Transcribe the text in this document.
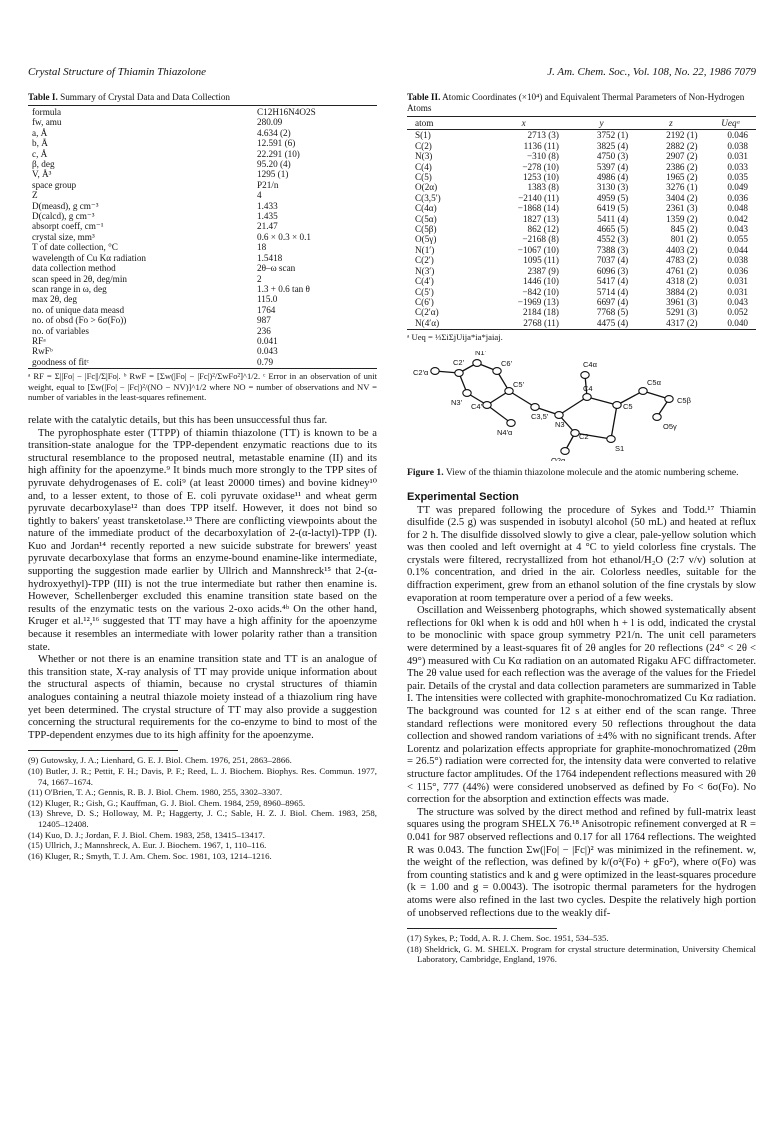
Crystal Structure of Thiamin Thiazolone	J. Am. Chem. Soc., Vol. 108, No. 22, 1986 7079
Table I. Summary of Crystal Data and Data Collection
formula	C12H16N4O2S
fw, amu	280.09
a, Å	4.634 (2)
b, Å	12.591 (6)
c, Å	22.291 (10)
β, deg	95.20 (4)
V, Å³	1295 (1)
space group	P21/n
Z	4
D(measd), g cm⁻³	1.433
D(calcd), g cm⁻³	1.435
absorpt coeff, cm⁻¹	21.47
crystal size, mm³	0.6 × 0.3 × 0.1
T of date collection, °C	18
wavelength of Cu Kα radiation	1.5418
data collection method	2θ–ω scan
scan speed in 2θ, deg/min	2
scan range in ω, deg	1.3 + 0.6 tan θ
max 2θ, deg	115.0
no. of unique data measd	1764
no. of obsd (Fo > 6σ(Fo))	987
no. of variables	236
RFᵃ	0.041
RwFᵇ	0.043
goodness of fitᶜ	0.79
ᵃ RF = Σ||Fo| − |Fc||/Σ|Fo|. ᵇ RwF = [Σw(|Fo| − |Fc|)²/ΣwFo²]^1/2. ᶜ Error in an observation of unit weight, equal to [Σw(|Fo| − |Fc|)²/(NO − NV)]^1/2 where NO = number of observations and NV = number of variables in the least-squares refinement.

relate with the catalytic details, but this has been unsuccessful thus far.

The pyrophosphate ester (TTPP) of thiamin thiazolone (TT) is known to be a transition-state analogue for the TPP-dependent enzymatic reactions due to its structural resemblance to the proposed neutral, metastable enamine (II) and its high affinity for the apoenzyme.⁹ It binds much more strongly to the TPP sites of pyruvate dehydrogenases of E. coli⁹ (at least 20000 times) and bovine kidney¹⁰ and, to a lesser extent, to those of E. coli pyruvate oxidase¹¹ and wheat germ pyruvate decarboxylase¹² than does TPP itself. However, it does not bind so tightly to bakers' yeast transketolase.¹³ There are conflicting viewpoints about the nature of the immediate product of the decarboxylation of 2-(α-lactyl)-TPP (I). Kuo and Jordan¹⁴ recently reported a new suicide substrate for brewers' yeast pyruvate decarboxylase that forms an enzyme-bound enamine-like intermediate, supporting the suggestion made earlier by Ullrich and Mannshreck¹⁵ that 2-(α-hydroxyethyl)-TPP (III) is not the true intermediate but rather then enamine is. However, Schellenberger excluded this enamine transition state based on the results of the enzymatic tests on the various 2-oxo acids.⁴ᵇ On the other hand, Kruger et al.¹²,¹⁶ suggested that TT may have a high affinity for the apoenzyme because it resembles an intermediate with lower polarity rather than a transition state.

Whether or not there is an enamine transition state and TT is an analogue of this transition state, X-ray analysis of TT may provide unique information about the structural aspects of thiamin, because no crystal structures of thiamin analogues containing a neutral thiazole moiety instead of a thiazolium ring have yet been determined. The crystal structure of TT may also provide a suggestion concerning the structural requirements for the co-enzyme to bind to most of the TPP-dependent enzymes due to its high affinity for the apoenzyme.

(9) Gutowsky, J. A.; Lienhard, G. E. J. Biol. Chem. 1976, 251, 2863–2866.
(10) Butler, J. R.; Pettit, F. H.; Davis, P. F.; Reed, L. J. Biochem. Biophys. Res. Commun. 1977, 74, 1667–1674.
(11) O'Brien, T. A.; Gennis, R. B. J. Biol. Chem. 1980, 255, 3302–3307.
(12) Kluger, R.; Gish, G.; Kauffman, G. J. Biol. Chem. 1984, 259, 8960–8965.
(13) Shreve, D. S.; Holloway, M. P.; Haggerty, J. C.; Sable, H. Z. J. Biol. Chem. 1983, 258, 12405–12408.
(14) Kuo, D. J.; Jordan, F. J. Biol. Chem. 1983, 258, 13415–13417.
(15) Ullrich, J.; Mannshreck, A. Eur. J. Biochem. 1967, 1, 110–116.
(16) Kluger, R.; Smyth, T. J. Am. Chem. Soc. 1981, 103, 1214–1216.
Table II. Atomic Coordinates (×10⁴) and Equivalent Thermal Parameters of Non-Hydrogen Atoms
atom	x	y	z	Ueqᵃ
S(1)	2713 (3)	3752 (1)	2192 (1)	0.046
C(2)	1136 (11)	3825 (4)	2882 (2)	0.038
N(3)	−310 (8)	4750 (3)	2907 (2)	0.031
C(4)	−278 (10)	5397 (4)	2386 (2)	0.033
C(5)	1253 (10)	4986 (4)	1965 (2)	0.035
O(2α)	1383 (8)	3130 (3)	3276 (1)	0.049
C(3,5′)	−2140 (11)	4959 (5)	3404 (2)	0.036
C(4α)	−1868 (14)	6419 (5)	2361 (3)	0.048
C(5α)	1827 (13)	5411 (4)	1359 (2)	0.042
C(5β)	862 (12)	4665 (5)	845 (2)	0.043
O(5γ)	−2168 (8)	4552 (3)	801 (2)	0.055
N(1′)	−1067 (10)	7388 (3)	4403 (2)	0.044
C(2′)	1095 (11)	7037 (4)	4783 (2)	0.038
N(3′)	2387 (9)	6096 (3)	4761 (2)	0.036
C(4′)	1446 (10)	5417 (4)	4318 (2)	0.031
C(5′)	−842 (10)	5714 (4)	3884 (2)	0.031
C(6′)	−1969 (13)	6697 (4)	3961 (3)	0.043
C(2′α)	2184 (18)	7768 (5)	5291 (3)	0.052
N(4′α)	2768 (11)	4475 (4)	4317 (2)	0.040
ᵃ Ueq = ⅓ΣiΣjUija*ia*jaiaj.
C2'α
N1'
C2'	C6'
N3'
C5'
C3,5'
C4'
N4'α
N3
C2
O2α
C4
C4α
C5
C5α
C5β
O5γ
S1
Figure 1. View of the thiamin thiazolone molecule and the atomic numbering scheme.
Experimental Section

TT was prepared following the procedure of Sykes and Todd.¹⁷ Thiamin disulfide (2.5 g) was suspended in isobutyl alcohol (50 mL) and heated at reflux for 2 h. The disulfide dissolved slowly to give a clear, pale-yellow solution which was then cooled and left overnight at 4 °C to yield colorless fine crystals. The crystals were filtered, recrystallized from hot ethanol/H₂O (2:7 v/v) solution at 0.1% concentration, and dried in the air. Colorless needles, suitable for the diffraction experiment, grew from an ethanol solution of the fine crystals by slow evaporation at room temperature over a period of a few weeks.

Oscillation and Weissenberg photographs, which showed systematically absent reflections for 0kl when k is odd and h0l when h + l is odd, indicated the crystal to be monoclinic with space group symmetry P21/n. The unit cell parameters were determined by a least-squares fit of 2θ angles for 20 reflections (24° < 2θ < 49°) measured with Cu Kα radiation on an automated Rigaku AFC diffractometer. The 2θ value used for each reflection was the average of the values for the Friedel pair. Details of the crystal and data collection parameters are summarized in Table I. The intensities were collected with graphite-monochromatized Cu Kα radiation. The background was counted for 12 s at either end of the scan range. Three standard reflections were monitored every 50 reflections throughout the data collection and showed random variations of ±4% with no significant trends. After Lorentz and polarization effects appropriate for graphite-monochromatized (2θm = 26.5°) radiation were corrected for, the intensity data were converted to relative structure factor amplitudes. Of the 1764 independent reflections measured with 2θ < 115°, 777 (44%) were considered unobserved as defined by Fo < 6σ(Fo). No correction for the absorption and extinction effects was made.

The structure was solved by the direct method and refined by full-matrix least squares using the program SHELX 76.¹⁸ Anisotropic refinement converged at R = 0.041 for 987 observed reflections and 0.17 for all 1764 reflections. The weighted R was 0.043. The function Σw(|Fo| − |Fc|)² was minimized in the refinement. w, the weight of the reflection, was defined by k/(σ²(Fo) + gFo²), where σ(Fo) was from counting statistics and k and g were optimized in the least-squares procedure (k = 1.00 and g = 0.0043). The isotropic thermal parameters for the hydrogen atoms were also refined in the last two cycles. Despite the relatively high portion of unobserved reflections due to the weakly dif-

(17) Sykes, P.; Todd, A. R. J. Chem. Soc. 1951, 534–535.
(18) Sheldrick, G. M. SHELX. Program for crystal structure determination, University Chemical Laboratory, Cambridge, England, 1976.
